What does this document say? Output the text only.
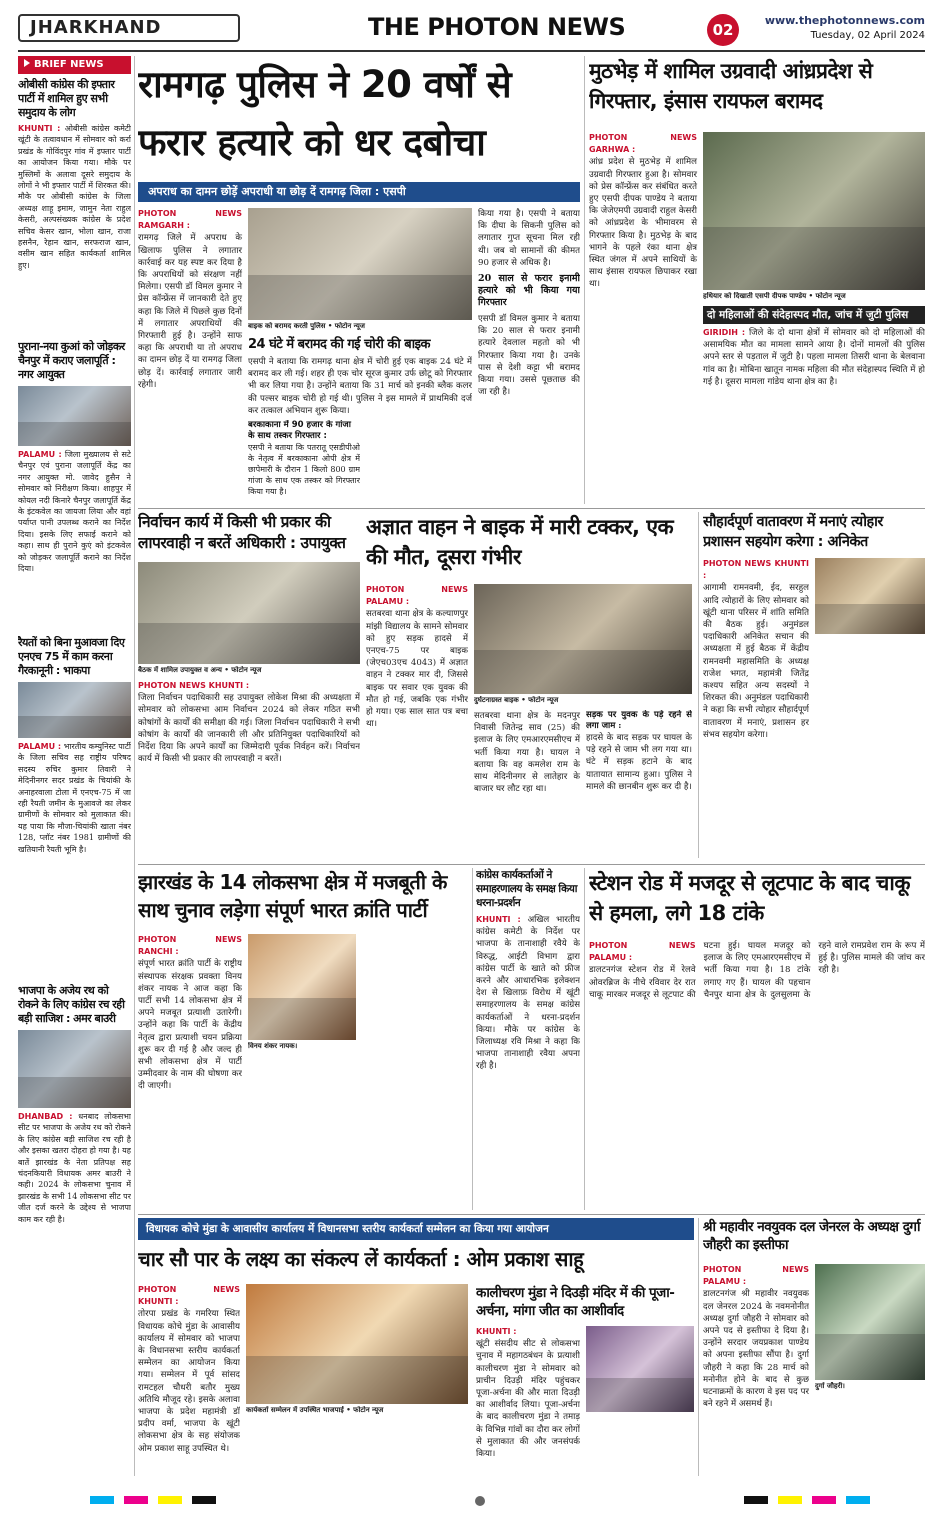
JHARKHAND	THE PHOTON NEWS	02
www.thephotonnews.com
Tuesday, 02 April 2024
BRIEF NEWS
ओबीसी कांग्रेस की इफ्तार पार्टी में शामिल हुए सभी समुदाय के लोग
KHUNTI : ओबीसी कांग्रेस कमेटी खूंटी के तत्वावधान में सोमवार को कर्रा प्रखंड के गोविंदपुर गांव में इफ्तार पार्टी का आयोजन किया गया। मौके पर मुस्लिमों के अलावा दूसरे समुदाय के लोगों ने भी इफ्तार पार्टी में शिरकत की। मौके पर ओबीसी कांग्रेस के जिला अध्यक्ष शाहू इमाम, जामुन नेता राहुल केसरी, अल्पसंख्यक कांग्रेस के प्रदेश सचिव केसर खान, भोला खान, राजा हसनैन, रेहान खान, सरफराज खान, वसीम खान सहित कार्यकर्ता शामिल हुए।
पुराना-नया कुआं को जोड़कर चैनपुर में कराए जलापूर्ति : नगर आयुक्त
PALAMU : जिला मुख्यालय से सटे चैनपुर एवं पुराना जलापूर्ति केंद्र का नगर आयुक्त मो. जावेद हुसैन ने सोमवार को निरीक्षण किया। शाहपुर में कोयल नदी किनारे चैनपुर जलापूर्ति केंद्र के इंटकवेल का जायजा लिया और वहां पर्याप्त पानी उपलब्ध कराने का निर्देश दिया। इसके लिए सफाई कराने को कहा। साथ ही पुराने कुएं को इंटकवेल को जोड़कर जलापूर्ति कराने का निर्देश दिया।
रैयतों को बिना मुआवजा दिए एनएच 75 में काम करना गैरकानूनी : भाकपा
PALAMU : भारतीय कम्युनिस्ट पार्टी के जिला सचिव सह राष्ट्रीय परिषद सदस्य रुचिर कुमार तिवारी ने मेदिनीनगर सदर प्रखंड के चियांकी के अनाहरवाला टोला में एनएच-75 में जा रही रैयती जमीन के मुआवजे का लेकर ग्रामीणों के सोमवार को मुलाकात की। यह पाया कि मौजा-चियांकी खाता नंबर 128, प्लॉट नंबर 1981 ग्रामीणों की खतियानी रैयती भूमि है।
भाजपा के अजेय रथ को रोकने के लिए कांग्रेस रच रही बड़ी साजिश : अमर बाउरी
DHANBAD : धनबाद लोकसभा सीट पर भाजपा के अजेय रथ को रोकने के लिए कांग्रेस बड़ी साजिश रच रही है और इसका खतरा दोहरा हो गया है। यह बातें झारखंड के नेता प्रतिपक्ष सह चंदनकियारी विधायक अमर बाउरी ने कही। 2024 के लोकसभा चुनाव में झारखंड के सभी 14 लोकसभा सीट पर जीत दर्ज करने के उद्देश्य से भाजपा काम कर रही है।
रामगढ़ पुलिस ने 20 वर्षों से फरार हत्यारे को धर दबोचा
अपराध का दामन छोड़ें अपराधी या छोड़ दें रामगढ़ जिला : एसपी
PHOTON NEWS RAMGARH :
रामगढ़ जिले में अपराध के खिलाफ पुलिस ने लगातार कार्रवाई कर यह स्पष्ट कर दिया है कि अपराधियों को संरक्षण नहीं मिलेगा। एसपी डॉ विमल कुमार ने प्रेस कॉन्फ्रेंस में जानकारी देते हुए कहा कि जिले में पिछले कुछ दिनों में लगातार अपराधियों की गिरफ्तारी हुई है। उन्होंने साफ कहा कि अपराधी या तो अपराध का दामन छोड़ दें या रामगढ़ जिला छोड़ दें। कार्रवाई लगातार जारी रहेगी।
बाइक को बरामद करती पुलिस • फोटोन न्यूज
24 घंटे में बरामद की गई चोरी की बाइक
एसपी ने बताया कि रामगढ़ थाना क्षेत्र में चोरी हुई एक बाइक 24 घंटे में बरामद कर ली गई। शहर ही एक चोर सूरज कुमार उर्फ छोटू को गिरफ्तार भी कर लिया गया है। उन्होंने बताया कि 31 मार्च को इनकी ब्लैक कलर की पल्सर बाइक चोरी हो गई थी। पुलिस ने इस मामले में प्राथमिकी दर्ज कर तत्काल अभियान शुरू किया।
किया गया है। एसपी ने बताया कि दीघा के सिकनी पुलिस को लगातार गुप्त सूचना मिल रही थी। जब वो सामानों की कीमत 90 हजार से अधिक है।
20 साल से फरार इनामी हत्यारे को भी किया गया गिरफ्तार
एसपी डॉ विमल कुमार ने बताया कि 20 साल से फरार इनामी हत्यारे देवलाल महतो को भी गिरफ्तार किया गया है। उनके पास से देशी कट्टा भी बरामद किया गया। उससे पूछताछ की जा रही है।
मुठभेड़ में शामिल उग्रवादी आंध्रप्रदेश से गिरफ्तार, इंसास रायफल बरामद
PHOTON NEWS GARHWA :
आंध्र प्रदेश से मुठभेड़ में शामिल उग्रवादी गिरफ्तार हुआ है। सोमवार को प्रेस कॉन्फ्रेंस कर संबंधित करते हुए एसपी दीपक पाण्डेय ने बताया कि जेजेएमपी उग्रवादी राहुल केसरी को आंध्रप्रदेश के भीमावरम से गिरफ्तार किया है। मुठभेड़ के बाद भागने के पहले रंका थाना क्षेत्र स्थित जंगल में अपने साथियों के साथ इंसास रायफल छिपाकर रखा था।
हथियार को दिखाती एसपी दीपक पाण्डेय • फोटोन न्यूज
दो महिलाओं की संदेहास्पद मौत, जांच में जुटी पुलिस
GIRIDIH : जिले के दो थाना क्षेत्रों में सोमवार को दो महिलाओं की असामयिक मौत का मामला सामने आया है। दोनों मामलों की पुलिस अपने स्तर से पड़ताल में जुटी है। पहला मामला तिसरी थाना के बेलवाना गांव का है। मोबिना खातून नामक महिला की मौत संदेहास्पद स्थिति में हो गई है। दूसरा मामला गांडेय थाना क्षेत्र का है।
निर्वाचन कार्य में किसी भी प्रकार की लापरवाही न बरतें अधिकारी : उपायुक्त
बैठक में शामिल उपायुक्त व अन्य • फोटोन न्यूज
PHOTON NEWS KHUNTI :
जिला निर्वाचन पदाधिकारी सह उपायुक्त लोकेश मिश्रा की अध्यक्षता में सोमवार को लोकसभा आम निर्वाचन 2024 को लेकर गठित सभी कोषांगों के कार्यों की समीक्षा की गई। जिला निर्वाचन पदाधिकारी ने सभी कोषांग के कार्यों की जानकारी ली और प्रतिनियुक्त पदाधिकारियों को निर्देश दिया कि अपने कार्यों का जिम्मेदारी पूर्वक निर्वहन करें। निर्वाचन कार्य में किसी भी प्रकार की लापरवाही न बरतें।
बरकाकाना में 90 हजार के गांजा के साथ तस्कर गिरफ्तार :
एसपी ने बताया कि पतरातू एसडीपीओ के नेतृत्व में बरकाकाना ओपी क्षेत्र में छापेमारी के दौरान 1 किलो 800 ग्राम गांजा के साथ एक तस्कर को गिरफ्तार किया गया है।
अज्ञात वाहन ने बाइक में मारी टक्कर, एक की मौत, दूसरा गंभीर
PHOTON NEWS PALAMU :
सतबरवा थाना क्षेत्र के कल्याणपुर मांझी विद्यालय के सामने सोमवार को हुए सड़क हादसे में एनएच-75 पर बाइक (जेएच03एच 4043) में अज्ञात वाहन ने टक्कर मार दी, जिससे बाइक पर सवार एक युवक की मौत हो गई, जबकि एक गंभीर हो गया। एक साल सात पत्र बचा था।
दुर्घटनाग्रस्त बाइक • फोटोन न्यूज
सतबरवा थाना क्षेत्र के मदनपुर निवासी जितेन्द्र साव (25) की इलाज के लिए एमआरएमसीएच में भर्ती किया गया है। घायल ने बताया कि वह कमलेश राम के साथ मेदिनीनगर से लातेहार के बाजार घर लौट रहा था।
सड़क पर युवक के पड़े रहने से लगा जाम :
हादसे के बाद सड़क पर घायल के पड़े रहने से जाम भी लग गया था। घंटे में सड़क हटाने के बाद यातायात सामान्य हुआ। पुलिस ने मामले की छानबीन शुरू कर दी है।
सौहार्दपूर्ण वातावरण में मनाएं त्योहार प्रशासन सहयोग करेगा : अनिकेत
PHOTON NEWS KHUNTI :
आगामी रामनवमी, ईद, सरहुल आदि त्योहारों के लिए सोमवार को खूंटी थाना परिसर में शांति समिति की बैठक हुई। अनुमंडल पदाधिकारी अनिकेत सचान की अध्यक्षता में हुई बैठक में केंद्रीय रामनवमी महासमिति के अध्यक्ष राजेश भगत, महामंत्री जितेंद्र कश्यप सहित अन्य सदस्यों ने शिरकत की। अनुमंडल पदाधिकारी ने कहा कि सभी त्योहार सौहार्दपूर्ण वातावरण में मनाएं, प्रशासन हर संभव सहयोग करेगा।
झारखंड के 14 लोकसभा क्षेत्र में मजबूती के साथ चुनाव लड़ेगा संपूर्ण भारत क्रांति पार्टी
PHOTON NEWS RANCHI :
संपूर्ण भारत क्रांति पार्टी के राष्ट्रीय संस्थापक संरक्षक प्रवक्ता विनय शंकर नायक ने आज कहा कि पार्टी सभी 14 लोकसभा क्षेत्र में अपने मजबूत प्रत्याशी उतारेगी। उन्होंने कहा कि पार्टी के केंद्रीय नेतृत्व द्वारा प्रत्याशी चयन प्रक्रिया शुरू कर दी गई है और जल्द ही सभी लोकसभा क्षेत्र में पार्टी उम्मीदवार के नाम की घोषणा कर दी जाएगी।
विनय शंकर नायक।
कांग्रेस कार्यकर्ताओं ने समाहरणालय के समक्ष किया धरना-प्रदर्शन
KHUNTI : अखिल भारतीय कांग्रेस कमेटी के निर्देश पर भाजपा के तानाशाही रवैये के विरुद्ध, आईटी विभाग द्वारा कांग्रेस पार्टी के खाते को फ्रीज करने और आधारभिक इलेक्शन देश से खिलाफ़ विरोध में खूंटी समाहरणालय के समक्ष कांग्रेस कार्यकर्ताओं ने धरना-प्रदर्शन किया। मौके पर कांग्रेस के जिलाध्यक्ष रवि मिश्रा ने कहा कि भाजपा तानाशाही रवैया अपना रही है।
स्टेशन रोड में मजदूर से लूटपाट के बाद चाकू से हमला, लगे 18 टांके
PHOTON NEWS PALAMU :
डालटनगंज स्टेशन रोड में रेलवे ओवरब्रिज के नीचे रविवार देर रात चाकू मारकर मजदूर से लूटपाट की घटना हुई। घायल मजदूर को इलाज के लिए एमआरएमसीएच में भर्ती किया गया है। 18 टांके लगाए गए हैं। घायल की पहचान चैनपुर थाना क्षेत्र के दुलसुलमा के रहने वाले रामप्रवेश राम के रूप में हुई है। पुलिस मामले की जांच कर रही है।
विधायक कोचे मुंडा के आवासीय कार्यालय में विधानसभा स्तरीय कार्यकर्ता सम्मेलन का किया गया आयोजन
चार सौ पार के लक्ष्य का संकल्प लें कार्यकर्ता : ओम प्रकाश साहू
PHOTON NEWS KHUNTI :
तोरपा प्रखंड के गमरिया स्थित विधायक कोचे मुंडा के आवासीय कार्यालय में सोमवार को भाजपा के विधानसभा स्तरीय कार्यकर्ता सम्मेलन का आयोजन किया गया। सम्मेलन में पूर्व सांसद रामटहल चौधरी बतौर मुख्य अतिथि मौजूद रहे। इसके अलावा भाजपा के प्रदेश महामंत्री डॉ प्रदीप वर्मा, भाजपा के खूंटी लोकसभा क्षेत्र के सह संयोजक ओम प्रकाश साहू उपस्थित थे।
कार्यकर्ता सम्मेलन में उपस्थित भाजपाई • फोटोन न्यूज
कालीचरण मुंडा ने दिउड़ी मंदिर में की पूजा-अर्चना, मांगा जीत का आशीर्वाद
KHUNTI :
खूंटी संसदीय सीट से लोकसभा चुनाव में महागठबंधन के प्रत्याशी कालीचरण मुंडा ने सोमवार को प्राचीन दिउड़ी मंदिर पहुंचकर पूजा-अर्चना की और माता दिउड़ी का आशीर्वाद लिया। पूजा-अर्चना के बाद कालीचरण मुंडा ने तमाड़ के विभिन्न गांवों का दौरा कर लोगों से मुलाकात की और जनसंपर्क किया।
श्री महावीर नवयुवक दल जेनरल के अध्यक्ष दुर्गा जौहरी का इस्तीफा
PHOTON NEWS PALAMU :
डालटनगंज श्री महावीर नवयुवक दल जेनरल 2024 के नवमनोनीत अध्यक्ष दुर्गा जौहरी ने सोमवार को अपने पद से इस्तीफा दे दिया है। उन्होंने सरदार जयप्रकाश पाण्डेय को अपना इस्तीफा सौंपा है। दुर्गा जौहरी ने कहा कि 28 मार्च को मनोनीत होने के बाद से कुछ घटनाक्रमों के कारण वे इस पद पर बने रहने में असमर्थ हैं।
दुर्गा जौहरी।
